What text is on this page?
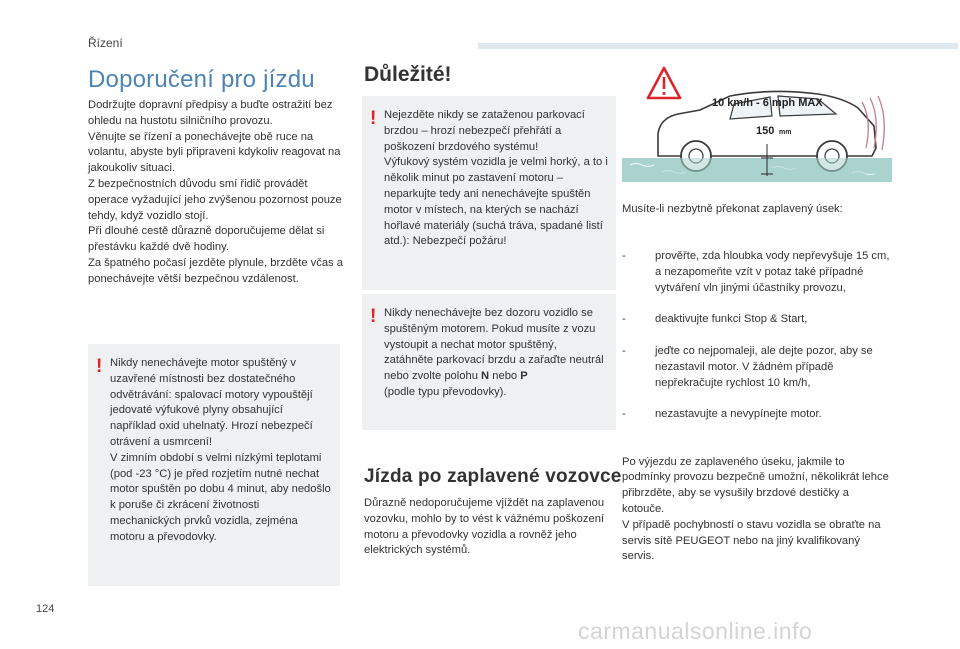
Řízení
Doporučení pro jízdu

Dodržujte dopravní předpisy a buďte ostražití bez ohledu na hustotu silničního provozu.
Věnujte se řízení a ponechávejte obě ruce na volantu, abyste byli připraveni kdykoliv reagovat na jakoukoliv situaci.
Z bezpečnostních důvodu smí řidič provádět operace vyžadující jeho zvýšenou pozornost pouze tehdy, když vozidlo stojí.
Při dlouhé cestě důrazně doporučujeme dělat si přestávku každé dvě hodiny.
Za špatného počasí jezděte plynule, brzděte včas a ponechávejte větší bezpečnou vzdálenost.

! Nikdy nenechávejte motor spuštěný v uzavřené místnosti bez dostatečného odvětrávání: spalovací motory vypouštějí jedovaté výfukové plyny obsahující například oxid uhelnatý. Hrozí nebezpečí otrávení a usmrcení!
V zimním období s velmi nízkými teplotami (pod -23 °C) je před rozjetím nutné nechat motor spuštěn po dobu 4 minut, aby nedošlo k poruše či zkrácení životnosti mechanických prvků vozidla, zejména motoru a převodovky.

Důležité!
! Nejezděte nikdy se zataženou parkovací brzdou – hrozí nebezpečí přehřátí a poškození brzdového systému!
Výfukový systém vozidla je velmi horký, a to i několik minut po zastavení motoru – neparkujte tedy ani nenechávejte spuštěn motor v místech, na kterých se nachází hořlavé materiály (suchá tráva, spadané listí atd.): Nebezpečí požáru!

! Nikdy nenechávejte bez dozoru vozidlo se spuštěným motorem. Pokud musíte z vozu vystoupit a nechat motor spuštěný, zatáhněte parkovací brzdu a zařaďte neutrál nebo zvolte polohu N nebo P
(podle typu převodovky).

Jízda po zaplavené vozovce

Důrazně nedoporučujeme vjíždět na zaplavenou vozovku, mohlo by to vést k vážnému poškození motoru a převodovky vozidla a rovněž jeho elektrických systémů.

10 km/h - 6 mph MAX
150 mm

Musíte-li nezbytně překonat zaplavený úsek:

-	prověřte, zda hloubka vody nepřevyšuje 15 cm, a nezapomeňte vzít v potaz také případné vytváření vln jinými účastníky provozu,

-	deaktivujte funkci Stop & Start,

-	jeďte co nejpomaleji, ale dejte pozor, aby se nezastavil motor. V žádném případě nepřekračujte rychlost 10 km/h,

-	nezastavujte a nevypínejte motor.

Po výjezdu ze zaplaveného úseku, jakmile to podmínky provozu bezpečně umožní, několikrát lehce přibrzděte, aby se vysušily brzdové destičky a kotouče.
V případě pochybností o stavu vozidla se obraťte na servis sítě PEUGEOT nebo na jiný kvalifikovaný servis.

124
carmanualsonline.info
